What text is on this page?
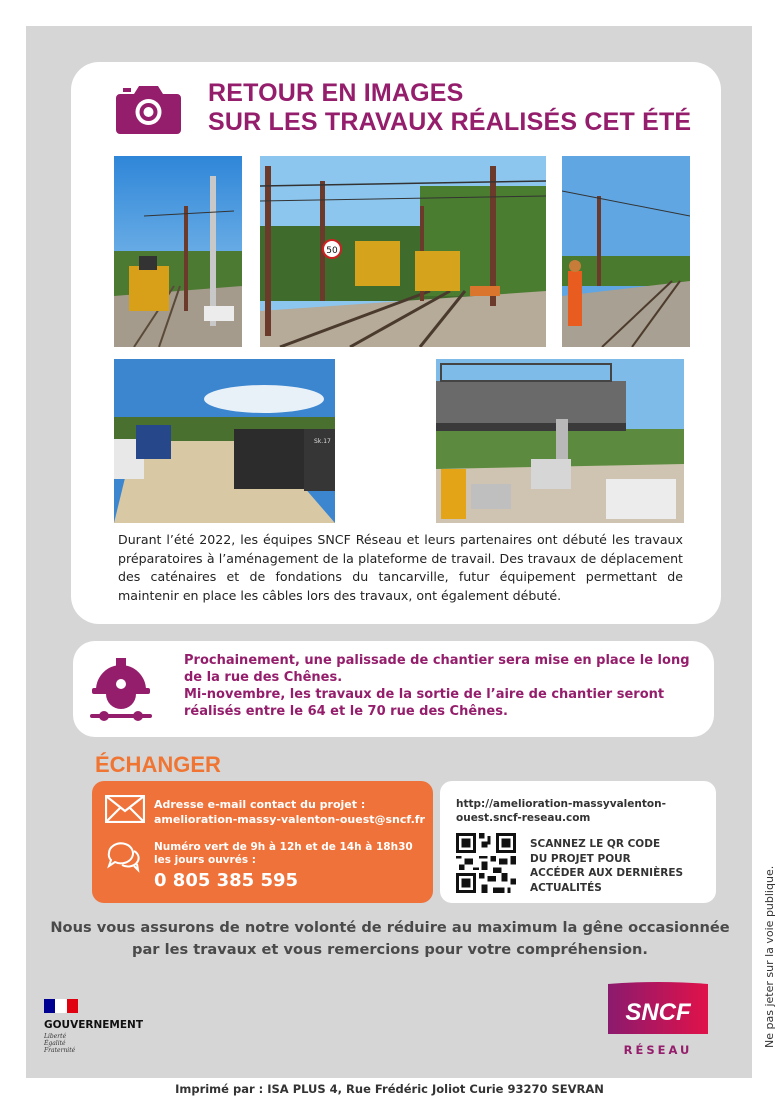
RETOUR EN IMAGES
SUR LES TRAVAUX RÉALISÉS CET ÉTÉ
50
Sk.17
Durant l’été 2022, les équipes SNCF Réseau et leurs partenaires ont débuté les travaux préparatoires à l’aménagement de la plateforme de travail. Des travaux de déplacement des caténaires et de fondations du tancarville, futur équipement permettant de maintenir en place les câbles lors des travaux, ont également débuté.

Prochainement, une palissade de chantier sera mise en place le long de la rue des Chênes.

Mi-novembre, les travaux de la sortie de l’aire de chantier seront réalisés entre le 64 et le 70 rue des Chênes.

ÉCHANGER
Adresse e-mail contact du projet :
amelioration-massy-valenton-ouest@sncf.fr
Numéro vert de 9h à 12h et de 14h à 18h30
les jours ouvrés :
0 805 385 595
http://amelioration-massyvalenton-
ouest.sncf-reseau.com
SCANNEZ LE QR CODE
DU PROJET POUR
ACCÉDER AUX DERNIÈRES
ACTUALITÉS
Nous vous assurons de notre volonté de réduire au maximum la gêne occasionnée
par les travaux et vous remercions pour votre compréhension.
GOUVERNEMENT
Liberté
Égalité
Fraternité
SNCF
RÉSEAU
Ne pas jeter sur la voie publique.
Imprimé par : ISA PLUS 4, Rue Frédéric Joliot Curie 93270 SEVRAN
